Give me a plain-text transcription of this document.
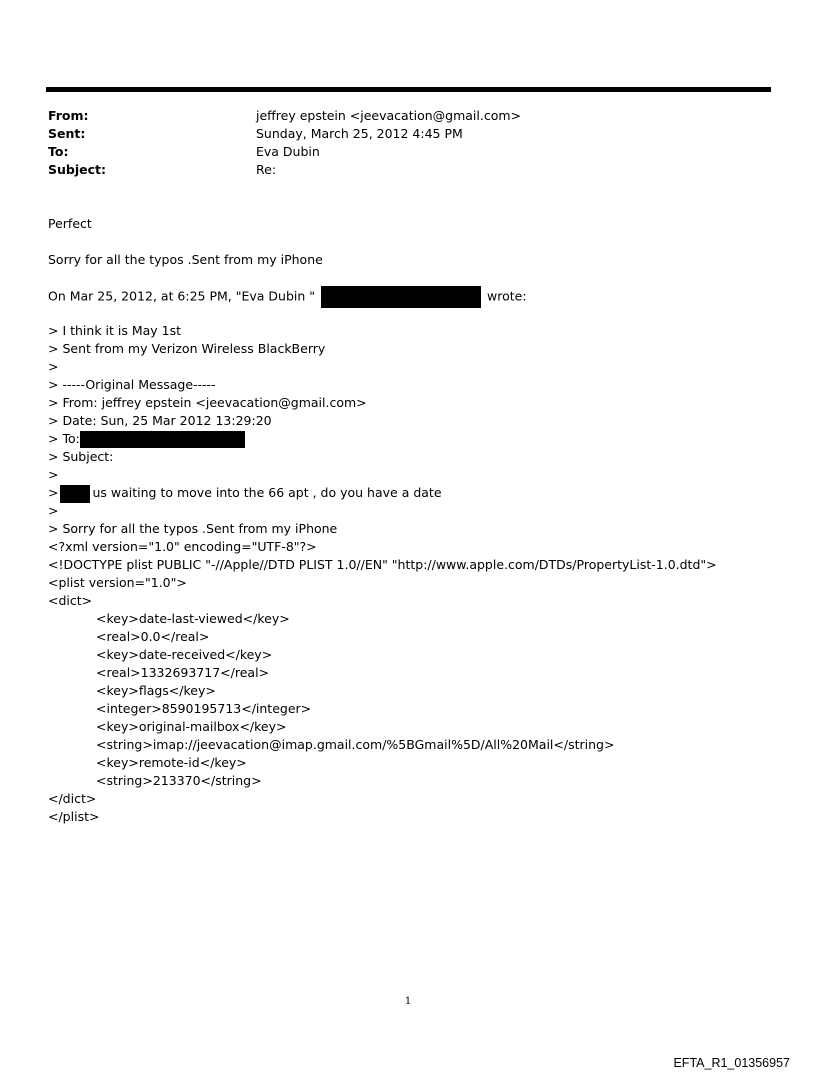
From:	jeffrey epstein <jeevacation@gmail.com>
Sent:	Sunday, March 25, 2012 4:45 PM
To:	Eva Dubin
Subject:	Re:
Perfect
Sorry for all the typos .Sent from my iPhone
On Mar 25, 2012, at 6:25 PM, "Eva Dubin "	wrote:
> I think it is May 1st
> Sent from my Verizon Wireless BlackBerry
>
> -----Original Message-----
> From: jeffrey epstein <jeevacation@gmail.com>
> Date: Sun, 25 Mar 2012 13:29:20
> To:
> Subject:
>
>	us waiting to move into the 66 apt , do you have a date
>
> Sorry for all the typos .Sent from my iPhone
<?xml version="1.0" encoding="UTF-8"?>
<!DOCTYPE plist PUBLIC "-//Apple//DTD PLIST 1.0//EN" "http://www.apple.com/DTDs/PropertyList-1.0.dtd">
<plist version="1.0">
<dict>
<key>date-last-viewed</key>
<real>0.0</real>
<key>date-received</key>
<real>1332693717</real>
<key>flags</key>
<integer>8590195713</integer>
<key>original-mailbox</key>
<string>imap://jeevacation@imap.gmail.com/%5BGmail%5D/All%20Mail</string>
<key>remote-id</key>
<string>213370</string>
</dict>
</plist>
1
EFTA_R1_01356957
